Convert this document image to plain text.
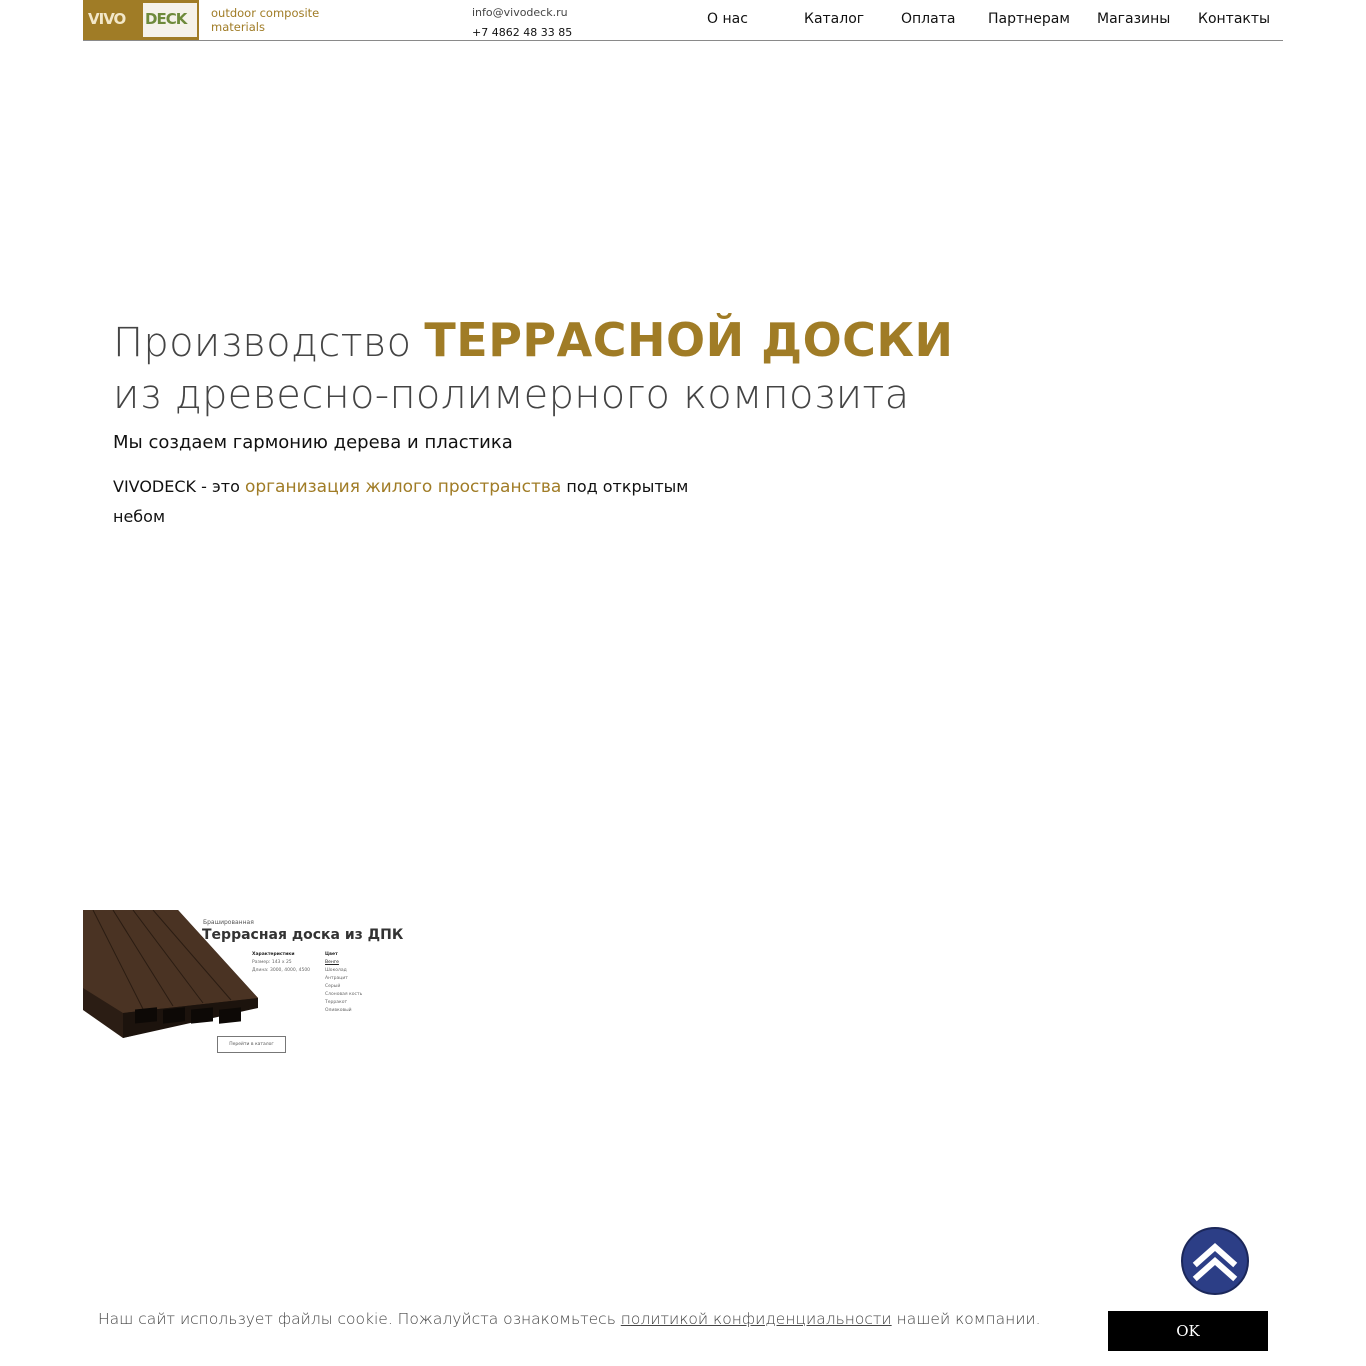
VIVO DECK outdoor composite materials
info@vivodeck.ru
+7 4862 48 33 85
О нас	Каталог	Оплата Партнерам Магазины Контакты
Производство ТЕРРАСНОЙ ДОСКИ из древесно-полимерного композита
Мы создаем гармонию дерева и пластика

VIVODECK - это организация жилого пространства под открытым небом

Брашированная
Террасная доска из ДПК
Характеристики
Размер: 143 х 25
Длина: 3000, 4000, 4500
Цвет
Венге
Шоколад
Антрацит
Серый
Слоновая кость
Терракот
Оливковый
Перейти в каталог
Наш сайт использует файлы cookie. Пожалуйста ознакомьтесь политикой конфиденциальности нашей компании.
OK
